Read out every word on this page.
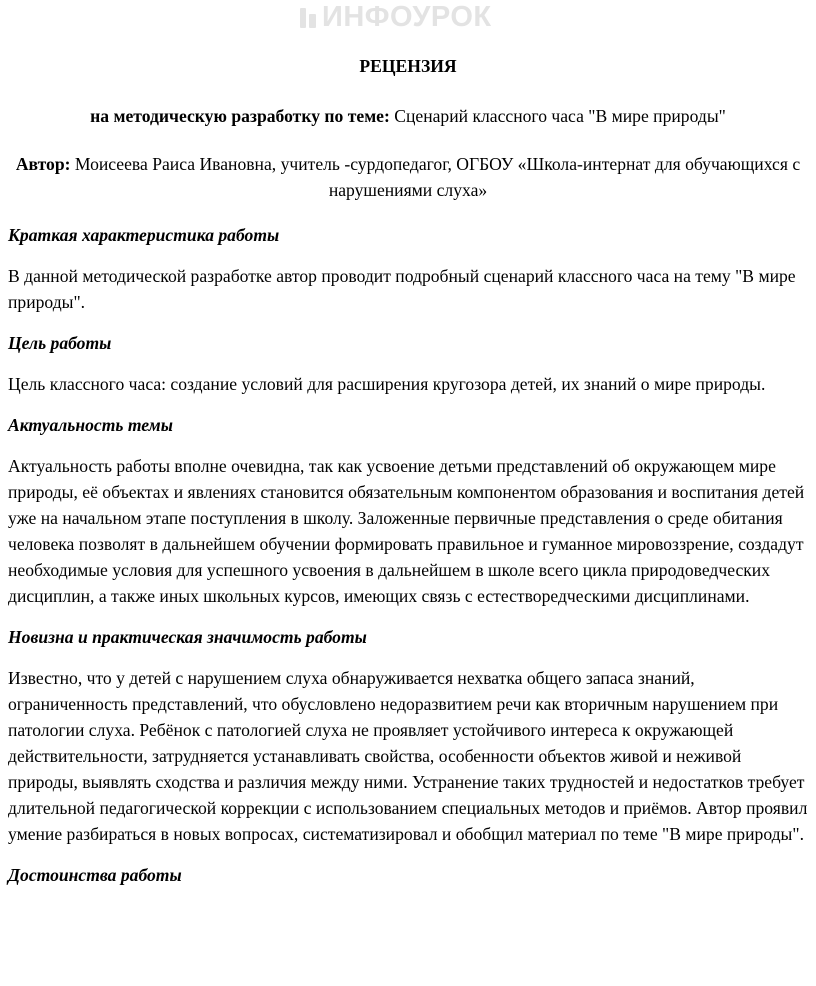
ИНФОУРОК

РЕЦЕНЗИЯ

на методическую разработку по теме: Сценарий классного часа "В мире природы"

Автор: Моисеева Раиса Ивановна, учитель -сурдопедагог, ОГБОУ «Школа-интернат для обучающихся с нарушениями слуха»

Краткая характеристика работы

В данной методической разработке автор проводит подробный сценарий классного часа на тему "В мире природы".

Цель работы

Цель классного часа: создание условий для расширения кругозора детей, их знаний о мире природы.

Актуальность темы

Актуальность работы вполне очевидна, так как усвоение детьми представлений об окружающем мире природы, её объектах и явлениях становится обязательным компонентом образования и воспитания детей уже на начальном этапе поступления в школу. Заложенные первичные представления о среде обитания человека позволят в дальнейшем обучении формировать правильное и гуманное мировоззрение, создадут необходимые условия для успешного усвоения в дальнейшем в школе всего цикла природоведческих дисциплин, а также иных школьных курсов, имеющих связь с естестворедческими дисциплинами.

Новизна и практическая значимость работы

Известно, что у детей с нарушением слуха обнаруживается нехватка общего запаса знаний, ограниченность представлений, что обусловлено недоразвитием речи как вторичным нарушением при патологии слуха. Ребёнок с патологией слуха не проявляет устойчивого интереса к окружающей действительности, затрудняется устанавливать свойства, особенности объектов живой и неживой природы, выявлять сходства и различия между ними. Устранение таких трудностей и недостатков требует длительной педагогической коррекции с использованием специальных методов и приёмов. Автор проявил умение разбираться в новых вопросах, систематизировал и обобщил материал по теме "В мире природы".

Достоинства работы
